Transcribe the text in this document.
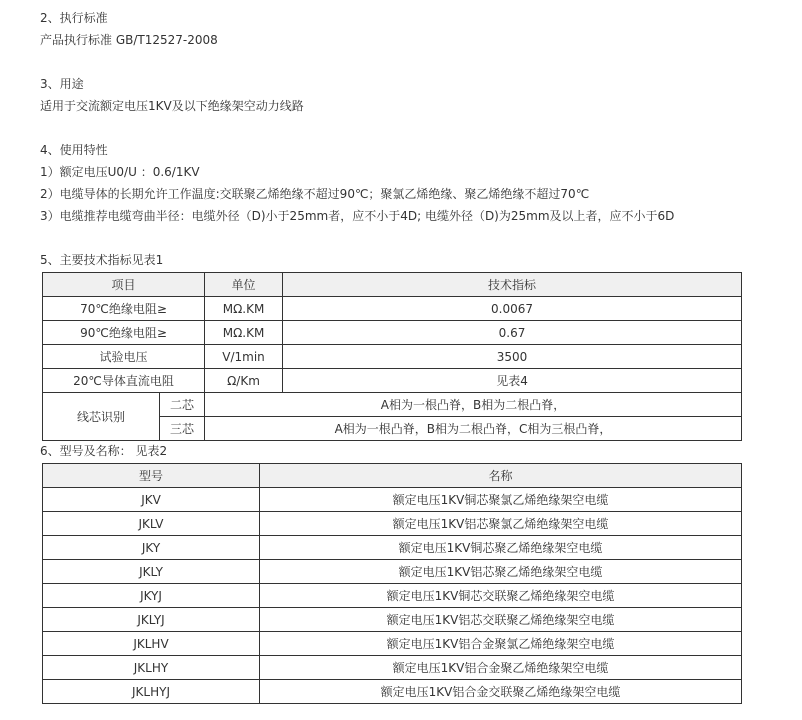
2、执行标准
产品执行标准 GB/T12527-2008
3、用途
适用于交流额定电压1KV及以下绝缘架空动力线路
4、使用特性
1）额定电压U0/U ：0.6/1KV
2）电缆导体的长期允许工作温度:交联聚乙烯绝缘不超过90℃；聚氯乙烯绝缘、聚乙烯绝缘不超过70℃
3）电缆推荐电缆弯曲半径：电缆外径（D)小于25mm者，应不小于4D; 电缆外径（D)为25mm及以上者，应不小于6D
5、主要技术指标见表1
项目		单位	技术指标
70℃绝缘电阻≥		MΩ.KM	0.0067
90℃绝缘电阻≥		MΩ.KM	0.67
试验电压		V/1min	3500
20℃导体直流电阻		Ω/Km	见表4
线芯识别	二芯	A相为一根凸脊，B相为二根凸脊，	
	三芯	A相为一根凸脊，B相为二根凸脊，C相为三根凸脊，	
6、型号及名称： 见表2
型号	名称
JKV	额定电压1KV铜芯聚氯乙烯绝缘架空电缆
JKLV	额定电压1KV铝芯聚氯乙烯绝缘架空电缆
JKY	额定电压1KV铜芯聚乙烯绝缘架空电缆
JKLY	额定电压1KV铝芯聚乙烯绝缘架空电缆
JKYJ	额定电压1KV铜芯交联聚乙烯绝缘架空电缆
JKLYJ	额定电压1KV铝芯交联聚乙烯绝缘架空电缆
JKLHV	额定电压1KV铝合金聚氯乙烯绝缘架空电缆
JKLHY	额定电压1KV铝合金聚乙烯绝缘架空电缆
JKLHYJ	额定电压1KV铝合金交联聚乙烯绝缘架空电缆
